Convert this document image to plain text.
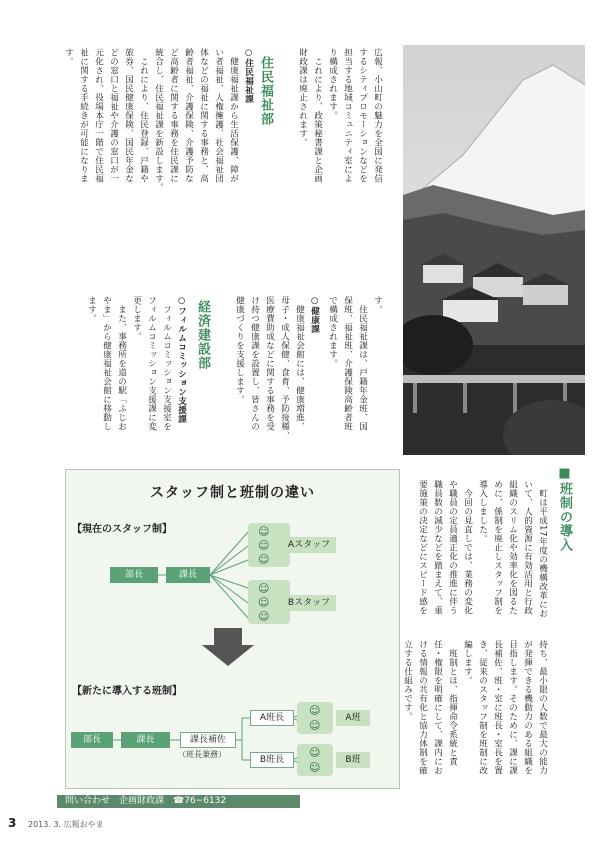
広報、小山町の魅力を全国に発信
するシティプロモーションなどを
担当する地域コミュニティ室によ
り構成されます。
　これにより、政策秘書課と企画
財政課は廃止されます。
住民福祉部
○住民福祉課
　健康福祉課から生活保護、障が
い者福祉、人権擁護、社会福祉団
体などの福祉に関する事務と、高
齢者福祉、介護保険、介護予防な
ど高齢者に関する事務を住民課に
統合し、住民福祉課を新設します。
　これにより、住民登録、戸籍や
旅券、国民健康保険、国民年金な
どの窓口と福祉や介護の窓口が一
元化され、役場本庁一階で住民福
祉に関する手続きが可能になりま
す。
す。
　住民福祉課は、戸籍年金班、国
保班、福祉班、介護保険高齢者班
で構成されます。
○健康課
　健康福祉会館には、健康増進、
母子・成人保健、食育、予防接種、
医療費助成などに関する事務を受
け持つ健康課を設置し、皆さんの
健康づくりを支援します。
経済建設部
○フィルムコミッション支援課
　フィルムコミッション支援室を
フィルムコミッション支援課に変
更します。
　また、事務所を道の駅「ふじお
やま」から健康福祉会館に移動し
ます。
■班制の導入
　町は平成17年度の機構改革にお
いて、人的資源に有効活用と行政
組織のスリム化や効率化を図るた
めに、係制を廃止しスタッフ制を
導入しました。
　今回の見直しでは、業務の変化
や職員の定員適正化の推進に伴う
職員数の減少などを踏まえて、重
要施策の決定などにスピード感を
持ち、最小限の人数で最大の能力
が発揮できる機動力のある組織を
目指します。そのために、課に課
長補佐、班・室に班長・室長を置
き、従来のスタッフ制を班制に改
編します。
　班制とは、指揮命令系統と責
任・権限を明確にして、課内にお
ける情報の共有化と協力体制を確
立する仕組みです。
スタッフ制と班制の違い
【現在のスタッフ制】
部長	課長
☺
☺
☺
Aスタッフ
☺
☺
☺
Bスタッフ
【新たに導入する班制】
部長	課長	課長補佐
（班長兼務）
A班長
B班長
☺
☺
A班
☺
☺
B班
問い合わせ　企画財政課　☎76−6132
3 2013. 3. 広報おやま
